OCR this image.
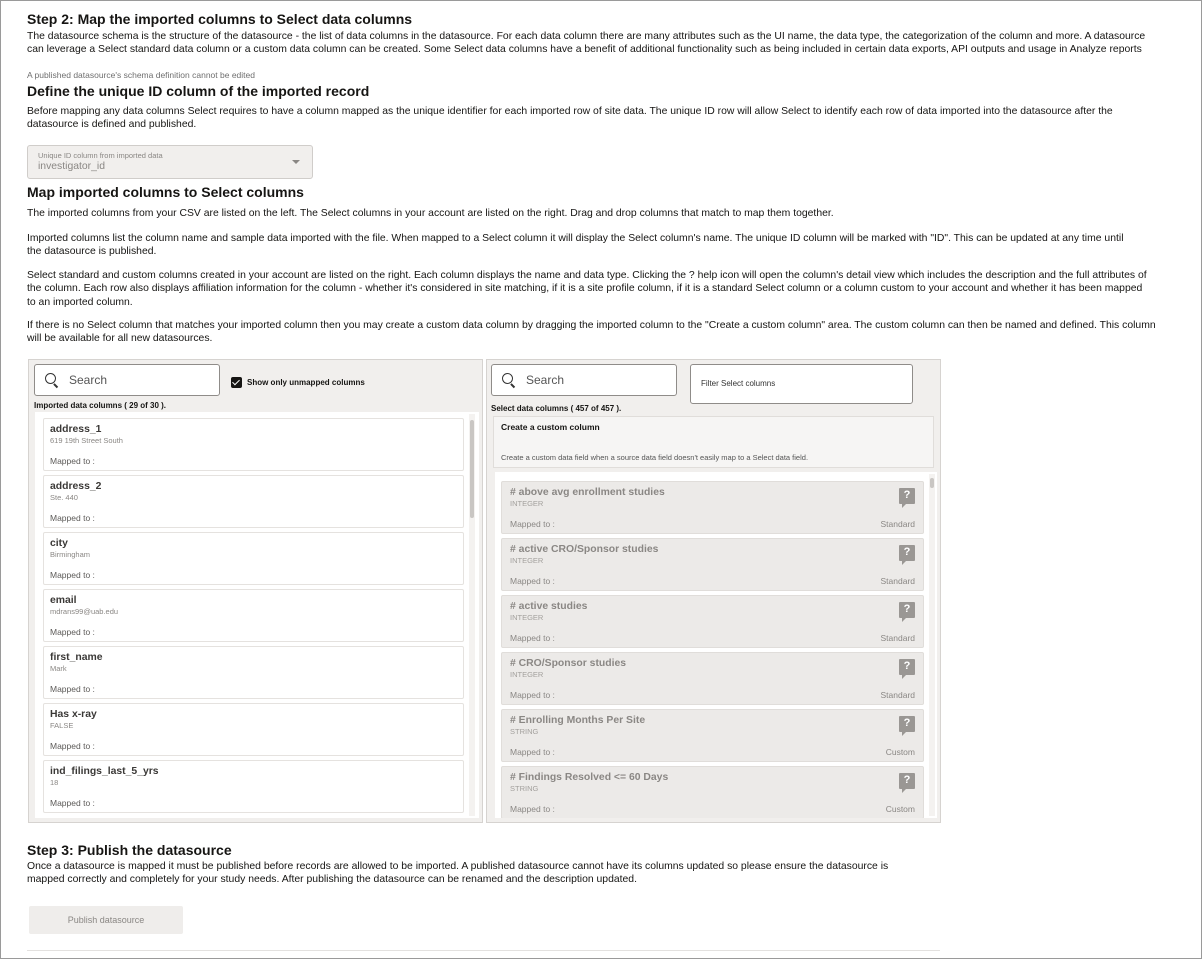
Step 2: Map the imported columns to Select data columns

The datasource schema is the structure of the datasource - the list of data columns in the datasource. For each data column there are many attributes such as the UI name, the data type, the categorization of the column and more. A datasource can leverage a Select standard data column or a custom data column can be created. Some Select data columns have a benefit of additional functionality such as being included in certain data exports, API outputs and usage in Analyze reports

A published datasource's schema definition cannot be edited
Define the unique ID column of the imported record

Before mapping any data columns Select requires to have a column mapped as the unique identifier for each imported row of site data. The unique ID row will allow Select to identify each row of data imported into the datasource after the datasource is defined and published.

Unique ID column from imported data
investigator_id
Map imported columns to Select columns

The imported columns from your CSV are listed on the left. The Select columns in your account are listed on the right. Drag and drop columns that match to map them together.

Imported columns list the column name and sample data imported with the file. When mapped to a Select column it will display the Select column's name. The unique ID column will be marked with "ID". This can be updated at any time until the datasource is published.

Select standard and custom columns created in your account are listed on the right. Each column displays the name and data type. Clicking the ? help icon will open the column's detail view which includes the description and the full attributes of the column. Each row also displays affiliation information for the column - whether it's considered in site matching, if it is a site profile column, if it is a standard Select column or a column custom to your account and whether it has been mapped to an imported column.

If there is no Select column that matches your imported column then you may create a custom data column by dragging the imported column to the "Create a custom column" area. The custom column can then be named and defined. This column will be available for all new datasources.

Search	Show only unmapped columns
Imported data columns ( 29 of 30 ).
address_1
619 19th Street South
Mapped to :
address_2
Ste. 440
Mapped to :
city
Birmingham
Mapped to :
email
mdrans99@uab.edu
Mapped to :
first_name
Mark
Mapped to :
Has x-ray
FALSE
Mapped to :
ind_filings_last_5_yrs
18
Mapped to :
Search	Filter Select columns
Select data columns ( 457 of 457 ).
Create a custom column
Create a custom data field when a source data field doesn't easily map to a Select data field.
# above avg enrollment studies
INTEGER
?
Mapped to :	Standard
# active CRO/Sponsor studies
INTEGER
?
Mapped to :	Standard
# active studies
INTEGER
?
Mapped to :	Standard
# CRO/Sponsor studies
INTEGER
?
Mapped to :	Standard
# Enrolling Months Per Site
STRING
?
Mapped to :	Custom
# Findings Resolved <= 60 Days
STRING
?
Mapped to :	Custom
Step 3: Publish the datasource

Once a datasource is mapped it must be published before records are allowed to be imported. A published datasource cannot have its columns updated so please ensure the datasource is mapped correctly and completely for your study needs. After publishing the datasource can be renamed and the description updated.

Publish datasource
